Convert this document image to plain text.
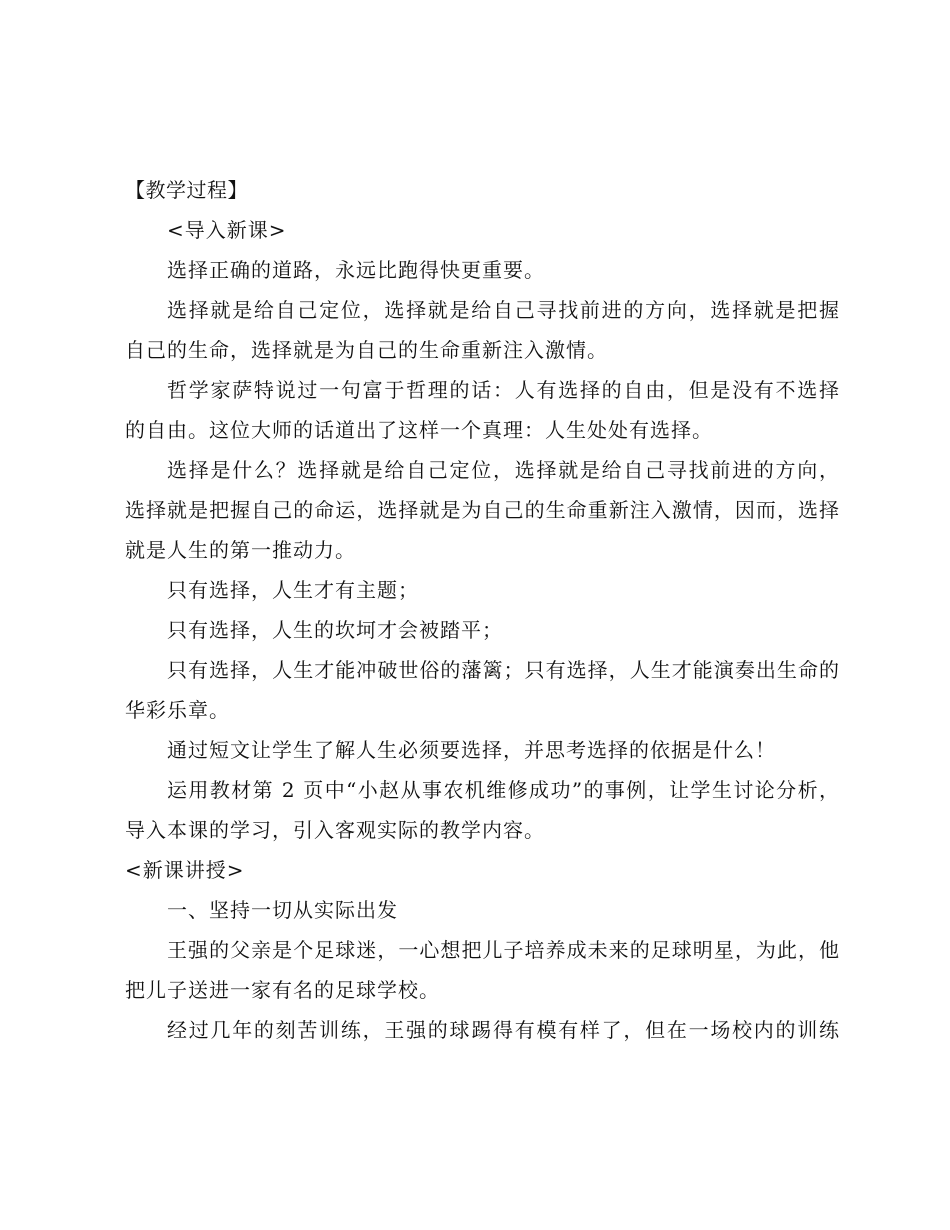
【教学过程】
<导入新课>
选择正确的道路，永远比跑得快更重要。
选择就是给自己定位，选择就是给自己寻找前进的方向，选择就是把握
自己的生命，选择就是为自己的生命重新注入激情。
哲学家萨特说过一句富于哲理的话：人有选择的自由，但是没有不选择
的自由。这位大师的话道出了这样一个真理：人生处处有选择。
选择是什么？选择就是给自己定位，选择就是给自己寻找前进的方向，
选择就是把握自己的命运，选择就是为自己的生命重新注入激情，因而，选择
就是人生的第一推动力。
只有选择，人生才有主题；
只有选择，人生的坎坷才会被踏平；
只有选择，人生才能冲破世俗的藩篱；只有选择，人生才能演奏出生命的
华彩乐章。
通过短文让学生了解人生必须要选择，并思考选择的依据是什么！
运用教材第 2 页中“小赵从事农机维修成功”的事例，让学生讨论分析，
导入本课的学习，引入客观实际的教学内容。
<新课讲授>
一、坚持一切从实际出发
王强的父亲是个足球迷，一心想把儿子培养成未来的足球明星，为此，他
把儿子送进一家有名的足球学校。
经过几年的刻苦训练，王强的球踢得有模有样了，但在一场校内的训练
